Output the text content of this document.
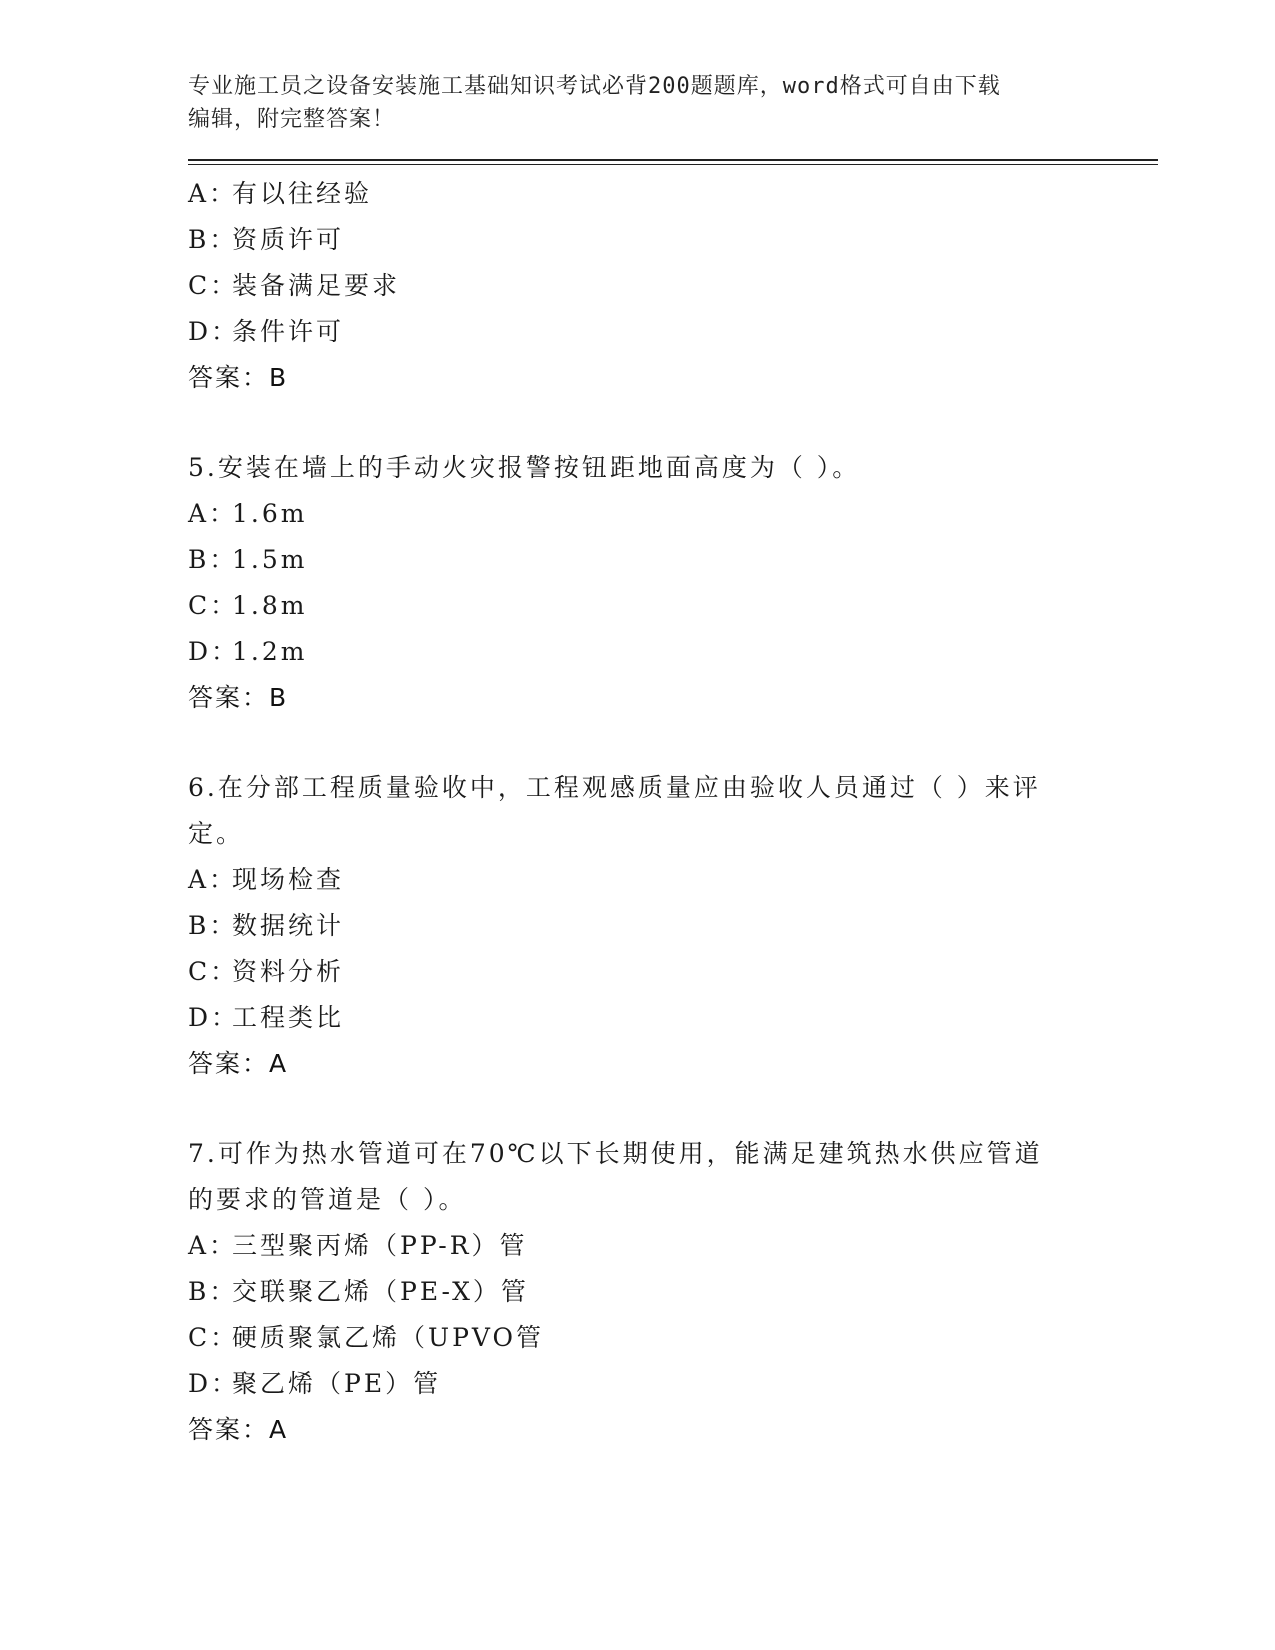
专业施工员之设备安装施工基础知识考试必背200题题库，word格式可自由下载
编辑，附完整答案！
A：有以往经验
B：资质许可
C：装备满足要求
D：条件许可
答案：B
5.安装在墙上的手动火灾报警按钮距地面高度为（ ）。
A：1.6m
B：1.5m
C：1.8m
D：1.2m
答案：B
6.在分部工程质量验收中，工程观感质量应由验收人员通过（ ）来评
定。
A：现场检查
B：数据统计
C：资料分析
D：工程类比
答案：A
7.可作为热水管道可在70℃以下长期使用，能满足建筑热水供应管道
的要求的管道是（ ）。
A：三型聚丙烯（PP-R）管
B：交联聚乙烯（PE-X）管
C：硬质聚氯乙烯（UPVO管
D：聚乙烯（PE）管
答案：A
